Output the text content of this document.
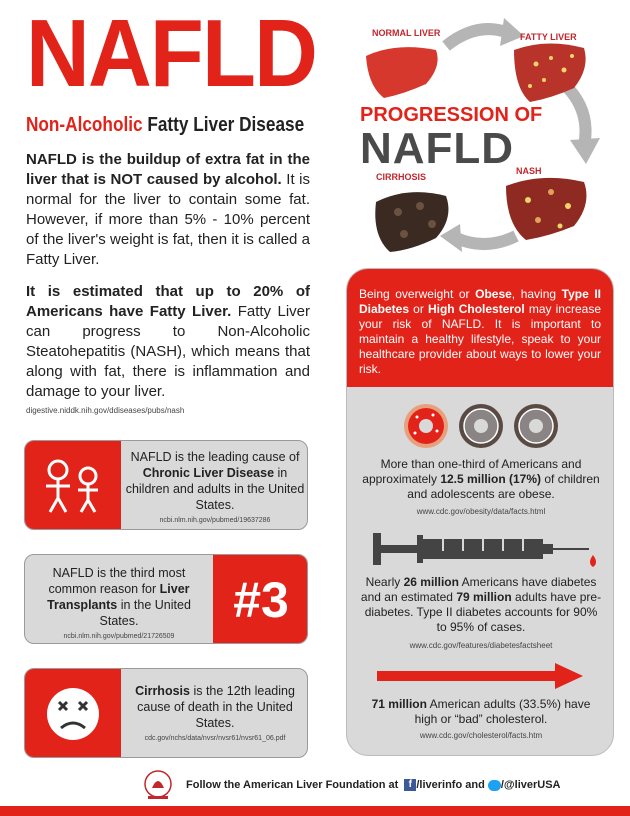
NAFLD
Non-Alcoholic Fatty Liver Disease
NAFLD is the buildup of extra fat in the liver that is NOT caused by alcohol. It is normal for the liver to contain some fat. However, if more than 5% - 10% percent of the liver's weight is fat, then it is called a Fatty Liver.
It is estimated that up to 20% of Americans have Fatty Liver. Fatty Liver can progress to Non-Alcoholic Steatohepatitis (NASH), which means that along with fat, there is inflammation and damage to your liver.
digestive.niddk.nih.gov/ddiseases/pubs/nash
NORMAL LIVER	FATTY LIVER
NASH
CIRRHOSIS
PROGRESSION OF
NAFLD
NAFLD is the leading cause of Chronic Liver Disease in children and adults in the United States.
ncbi.nlm.nih.gov/pubmed/19637286
NAFLD is the third most common reason for Liver Transplants in the United States.
ncbi.nlm.nih.gov/pubmed/21726509
#3
Cirrhosis is the 12th leading cause of death in the United States.
cdc.gov/nchs/data/nvsr/nvsr61/nvsr61_06.pdf
Being overweight or Obese, having Type II Diabetes or High Cholesterol may increase your risk of NAFLD. It is important to maintain a healthy lifestyle, speak to your healthcare provider about ways to lower your risk.
More than one-third of Americans and approximately 12.5 million (17%) of children and adolescents are obese.
www.cdc.gov/obesity/data/facts.html
Nearly 26 million Americans have diabetes and an estimated 79 million adults have pre-diabetes. Type II diabetes accounts for 90% to 95% of cases.
www.cdc.gov/features/diabetesfactsheet
71 million American adults (33.5%) have high or “bad” cholesterol.
www.cdc.gov/cholesterol/facts.htm
Follow the American Liver Foundation at f /liverinfo and /@liverUSA
